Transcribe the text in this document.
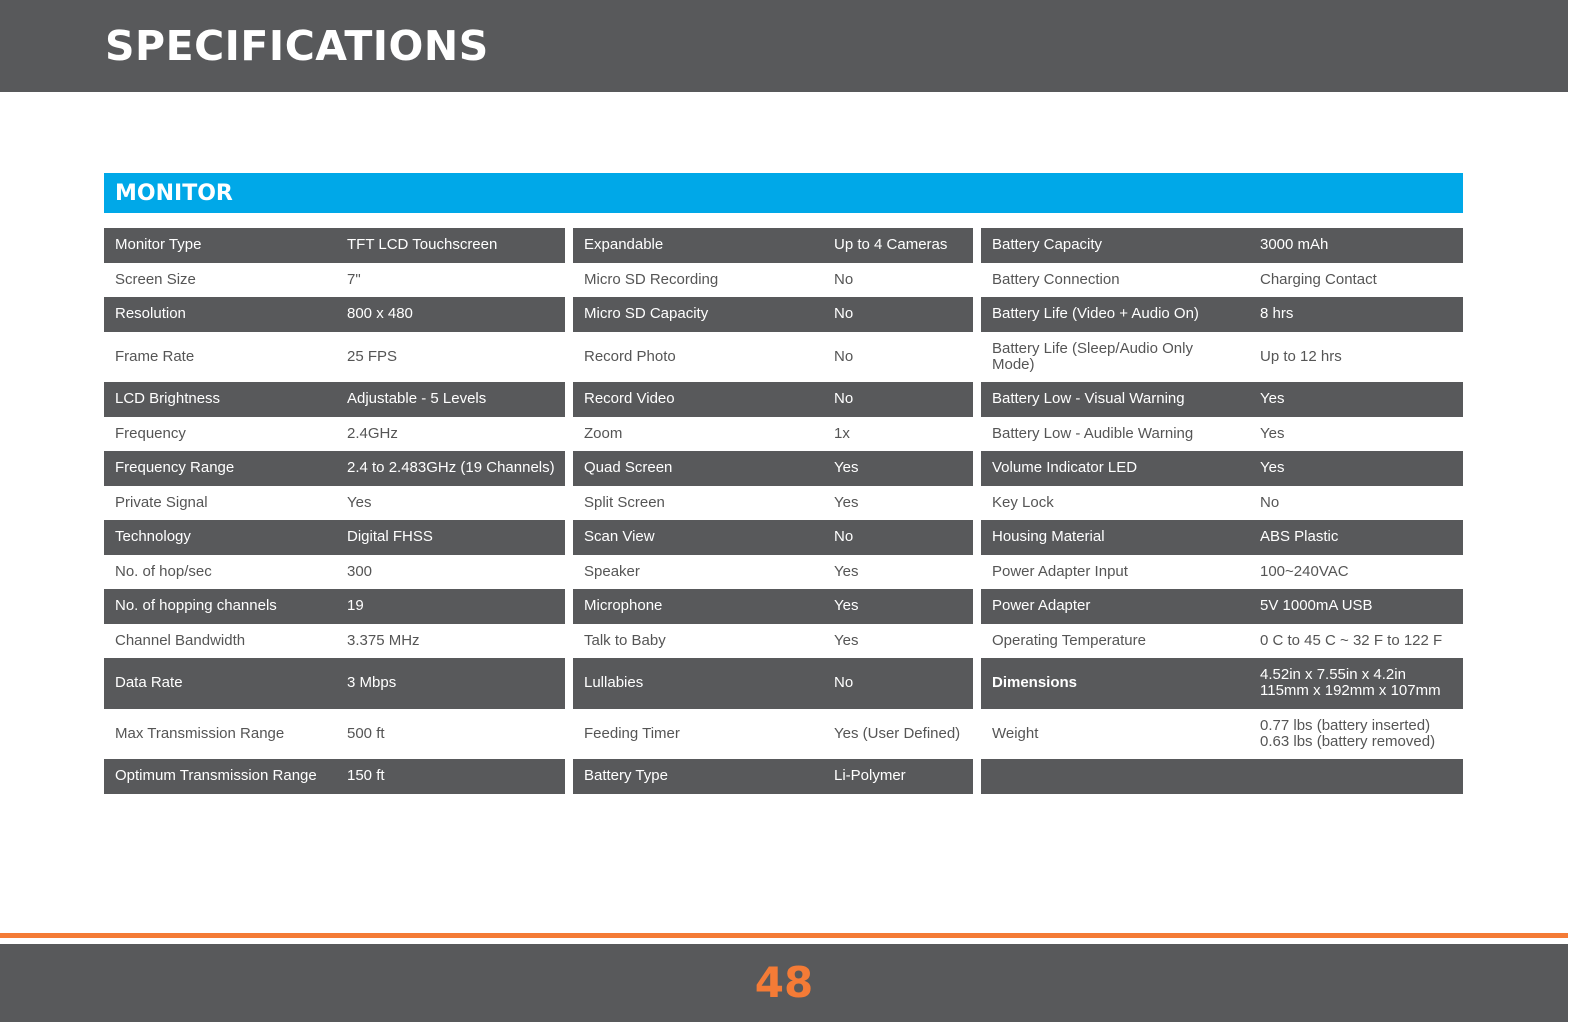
SPECIFICATIONS
MONITOR
Monitor Type	TFT LCD Touchscreen
Screen Size	7"
Resolution	800 x 480
Frame Rate	25 FPS
LCD Brightness	Adjustable - 5 Levels
Frequency	2.4GHz
Frequency Range	2.4 to 2.483GHz (19 Channels)
Private Signal	Yes
Technology	Digital FHSS
No. of hop/sec	300
No. of hopping channels	19
Channel Bandwidth	3.375 MHz
Data Rate	3 Mbps
Max Transmission Range	500 ft
Optimum Transmission Range	150 ft
Expandable	Up to 4 Cameras
Micro SD Recording	No
Micro SD Capacity	No
Record Photo	No
Record Video	No
Zoom	1x
Quad Screen	Yes
Split Screen	Yes
Scan View	No
Speaker	Yes
Microphone	Yes
Talk to Baby	Yes
Lullabies	No
Feeding Timer	Yes (User Defined)
Battery Type	Li-Polymer
Battery Capacity	3000 mAh
Battery Connection	Charging Contact
Battery Life (Video + Audio On)	8 hrs
Battery Life (Sleep/Audio Only
Mode)	Up to 12 hrs
Battery Low - Visual Warning	Yes
Battery Low - Audible Warning	Yes
Volume Indicator LED	Yes
Key Lock	No
Housing Material	ABS Plastic
Power Adapter Input	100~240VAC
Power Adapter	5V 1000mA USB
Operating Temperature	0 C to 45 C ~ 32 F to 122 F
Dimensions	4.52in x 7.55in x 4.2in
115mm x 192mm x 107mm
Weight	0.77 lbs (battery inserted)
0.63 lbs (battery removed)
48
